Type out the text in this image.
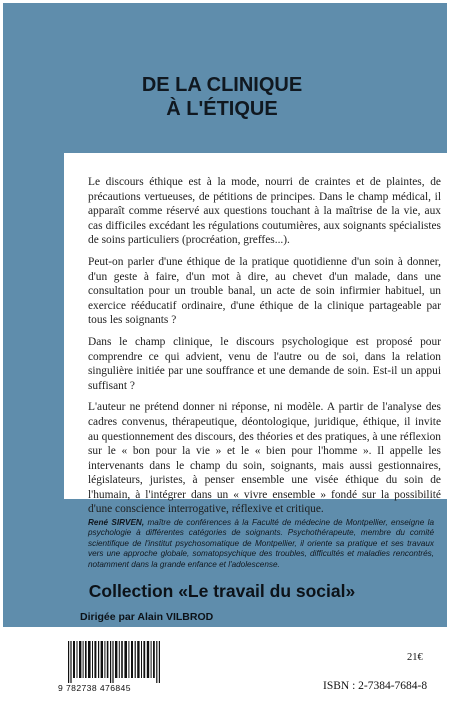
DE LA CLINIQUE
À L'ÉTIQUE

Le discours éthique est à la mode, nourri de craintes et de plaintes, de précautions vertueuses, de pétitions de principes. Dans le champ médical, il apparaît comme réservé aux questions touchant à la maîtrise de la vie, aux cas difficiles excédant les régulations coutumières, aux soignants spécialistes de soins particuliers (procréation, greffes...).

Peut-on parler d'une éthique de la pratique quotidienne d'un soin à donner, d'un geste à faire, d'un mot à dire, au chevet d'un malade, dans une consultation pour un trouble banal, un acte de soin infirmier habituel, un exercice rééducatif ordinaire, d'une éthique de la clinique partageable par tous les soignants ?

Dans le champ clinique, le discours psychologique est proposé pour comprendre ce qui advient, venu de l'autre ou de soi, dans la relation singulière initiée par une souffrance et une demande de soin. Est-il un appui suffisant ?

L'auteur ne prétend donner ni réponse, ni modèle. A partir de l'analyse des cadres convenus, thérapeutique, déontologique, juridique, éthique, il invite au questionnement des discours, des théories et des pratiques, à une réflexion sur le « bon pour la vie » et le « bien pour l'homme ». Il appelle les intervenants dans le champ du soin, soignants, mais aussi gestionnaires, législateurs, juristes, à penser ensemble une visée éthique du soin de l'humain, à l'intégrer dans un « vivre ensemble » fondé sur la possibilité d'une conscience interrogative, réflexive et critique.

René SIRVEN, maître de conférences à la Faculté de médecine de Montpellier, enseigne la psychologie à différentes catégories de soignants. Psychothérapeute, membre du comité scientifique de l'institut psychosomatique de Montpellier, il oriente sa pratique et ses travaux vers une approche globale, somatopsychique des troubles, difficultés et maladies rencontrés, notamment dans la grande enfance et l'adolescense.
Collection «Le travail du social»
Dirigée par Alain VILBROD
9 782738 476845
21€
ISBN : 2-7384-7684-8
